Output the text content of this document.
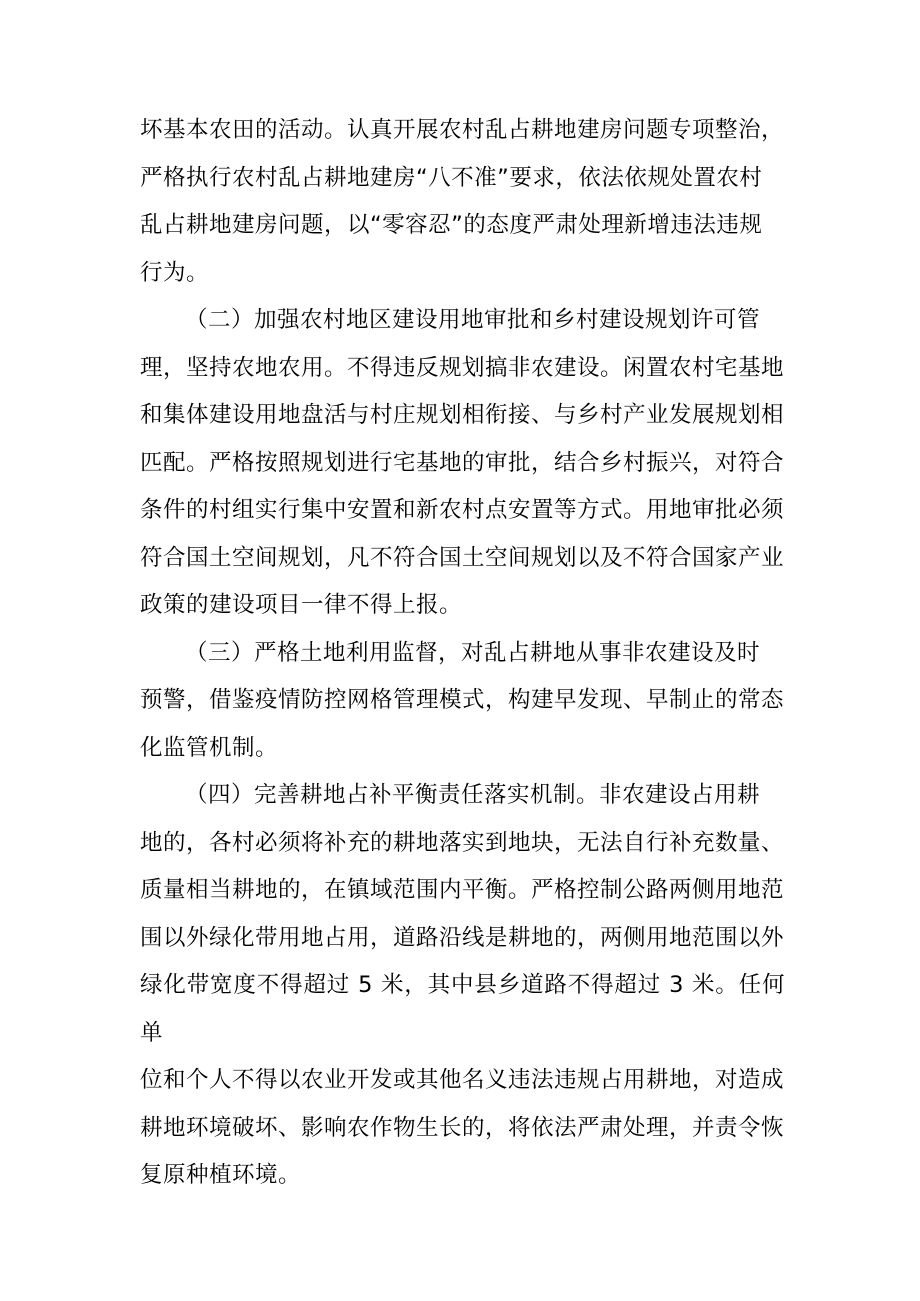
坏基本农田的活动。认真开展农村乱占耕地建房问题专项整治，
严格执行农村乱占耕地建房“八不准”要求，依法依规处置农村
乱占耕地建房问题，以“零容忍”的态度严肃处理新增违法违规
行为。

（二）加强农村地区建设用地审批和乡村建设规划许可管
理，坚持农地农用。不得违反规划搞非农建设。闲置农村宅基地
和集体建设用地盘活与村庄规划相衔接、与乡村产业发展规划相
匹配。严格按照规划进行宅基地的审批，结合乡村振兴，对符合
条件的村组实行集中安置和新农村点安置等方式。用地审批必须
符合国土空间规划，凡不符合国土空间规划以及不符合国家产业
政策的建设项目一律不得上报。

（三）严格土地利用监督，对乱占耕地从事非农建设及时
预警，借鉴疫情防控网格管理模式，构建早发现、早制止的常态
化监管机制。

（四）完善耕地占补平衡责任落实机制。非农建设占用耕
地的，各村必须将补充的耕地落实到地块，无法自行补充数量、
质量相当耕地的，在镇域范围内平衡。严格控制公路两侧用地范
围以外绿化带用地占用，道路沿线是耕地的，两侧用地范围以外
绿化带宽度不得超过 5 米，其中县乡道路不得超过 3 米。任何单
位和个人不得以农业开发或其他名义违法违规占用耕地，对造成
耕地环境破坏、影响农作物生长的，将依法严肃处理，并责令恢
复原种植环境。
